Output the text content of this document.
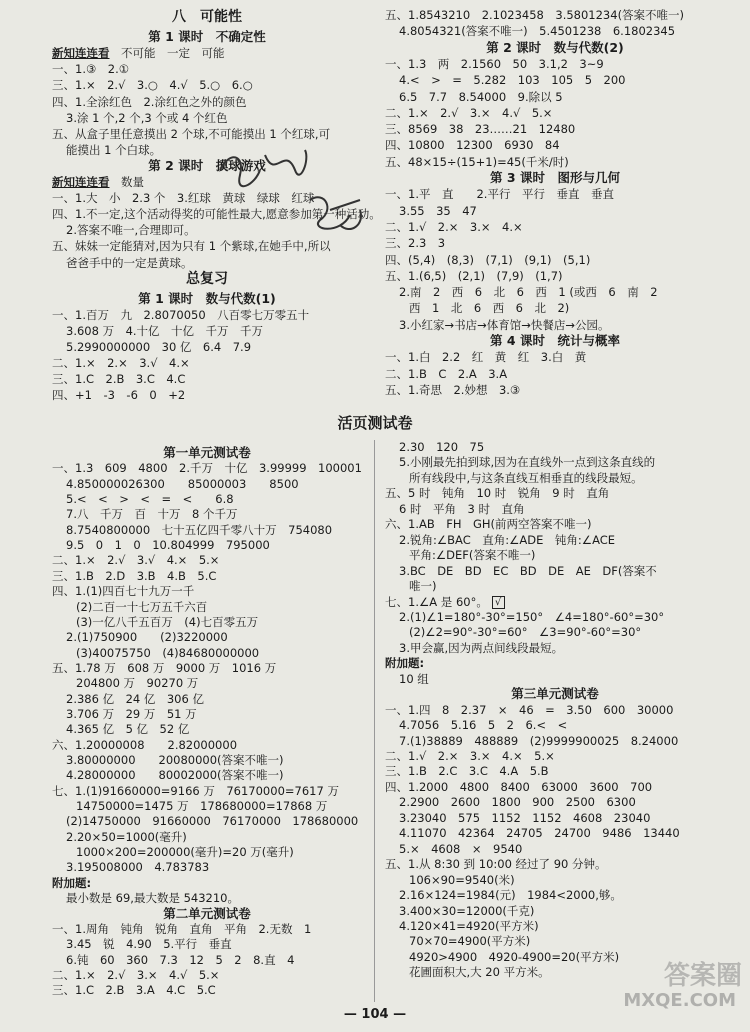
八　可能性
第 1 课时　不确定性
新知连连看　不可能　一定　可能
一、1.③　2.①
三、1.×　2.√　3.○　4.√　5.○　6.○
四、1.全涂红色　2.涂红色之外的颜色
3.涂 1 个,2 个,3 个或 4 个红色
五、从盒子里任意摸出 2 个球,不可能摸出 1 个红球,可
能摸出 1 个白球。
第 2 课时　摸球游戏
新知连连看　数量
一、1.大　小　2.3 个　3.红球　黄球　绿球　红球
四、1.不一定,这个活动得奖的可能性最大,愿意参加第一种活动。
2.答案不唯一,合理即可。
五、妹妹一定能猜对,因为只有 1 个紫球,在她手中,所以
爸爸手中的一定是黄球。
总复习
第 1 课时　数与代数(1)
一、1.百万　九　2.8070050　八百零七万零五十
3.608 万　4.十亿　十亿　千万　千万
5.2990000000　30 亿　6.4　7.9
二、1.×　2.×　3.√　4.×
三、1.C　2.B　3.C　4.C
四、+1　-3　-6　0　+2
第一单元测试卷
一、1.3　609　4800　2.千万　十亿　3.99999　100001
4.850000026300　　85000003　　8500
5.<　<　>　<　=　<　　6.8
7.八　千万　百　十万　8 个千万
8.7540800000　七十五亿四千零八十万　754080
9.5　0　1　0　10.804999　795000
二、1.×　2.√　3.√　4.×　5.×
三、1.B　2.D　3.B　4.B　5.C
四、1.(1)四百七十九万一千
(2)二百一十七万五千六百
(3)一亿八千五百万　(4)七百零五万
2.(1)750900　　(2)3220000
(3)40075750　(4)84680000000
五、1.78 万　608 万　9000 万　1016 万
204800 万　90270 万
2.386 亿　24 亿　306 亿
3.706 万　29 万　51 万
4.365 亿　5 亿　52 亿
六、1.20000008　　2.82000000
3.80000000　　20080000(答案不唯一)
4.28000000　　80002000(答案不唯一)
七、1.(1)91660000=9166 万　76170000=7617 万
14750000=1475 万　178680000=17868 万
(2)14750000　91660000　76170000　178680000
2.20×50=1000(毫升)
1000×200=200000(毫升)=20 万(毫升)
3.195008000　4.783783
附加题:
最小数是 69,最大数是 543210。
第二单元测试卷
一、1.周角　钝角　锐角　直角　平角　2.无数　1
3.45　锐　4.90　5.平行　垂直
6.钝　60　360　7.3　12　5　2　8.直　4
二、1.×　2.√　3.×　4.√　5.×
三、1.C　2.B　3.A　4.C　5.C
五、1.8543210　2.1023458　3.5801234(答案不唯一)
4.8054321(答案不唯一)　5.4501238　6.1802345
第 2 课时　数与代数(2)
一、1.3　两　2.1560　50　3.1,2　3~9
4.<　>　=　5.282　103　105　5　200
6.5　7.7　8.54000　9.除以 5
二、1.×　2.√　3.×　4.√　5.×
三、8569　38　23……21　12480
四、10800　12300　6930　84
五、48×15÷(15+1)=45(千米/时)
第 3 课时　图形与几何
一、1.平　直　　2.平行　平行　垂直　垂直
3.55　35　47
二、1.√　2.×　3.×　4.×
三、2.3　3
四、(5,4)　(8,3)　(7,1)　(9,1)　(5,1)
五、1.(6,5)　(2,1)　(7,9)　(1,7)
2.南　2　西　6　北　6　西　1 (或西　6　南　2
西　1　北　6　西　6　北　2)
3.小红家→书店→体育馆→快餐店→公园。
第 4 课时　统计与概率
一、1.白　2.2　红　黄　红　3.白　黄
二、1.B　C　2.A　3.A
五、1.奇思　2.妙想　3.③
2.30　120　75
5.小刚最先拍到球,因为在直线外一点到这条直线的
所有线段中,与这条直线互相垂直的线段最短。
五、5 时　钝角　10 时　锐角　9 时　直角
6 时　平角　3 时　直角
六、1.AB　FH　GH(前两空答案不唯一)
2.锐角:∠BAC　直角:∠ADE　钝角:∠ACE
平角:∠DEF(答案不唯一)
3.BC　DE　BD　EC　BD　DE　AE　DF(答案不
唯一)
七、1.∠A 是 60°。 √
2.(1)∠1=180°-30°=150°　∠4=180°-60°=30°
(2)∠2=90°-30°=60°　∠3=90°-60°=30°
3.甲会赢,因为两点间线段最短。
附加题:
10 组
第三单元测试卷
一、1.四　8　2.37　×　46　=　3.50　600　30000
4.7056　5.16　5　2　6.<　<
7.(1)38889　488889　(2)9999900025　8.24000
二、1.√　2.×　3.×　4.×　5.×
三、1.B　2.C　3.C　4.A　5.B
四、1.2000　4800　8400　63000　3600　700
2.2900　2600　1800　900　2500　6300
3.23040　575　1152　1152　4608　23040
4.11070　42364　24705　24700　9486　13440
5.×　4608　×　9540
五、1.从 8:30 到 10:00 经过了 90 分钟。
106×90=9540(米)
2.16×124=1984(元)　1984<2000,够。
3.400×30=12000(千克)
4.120×41=4920(平方米)
70×70=4900(平方米)
4920>4900　4920-4900=20(平方米)
花圃面积大,大 20 平方米。
活页测试卷
— 104 —
答案圈
MXQE.COM
